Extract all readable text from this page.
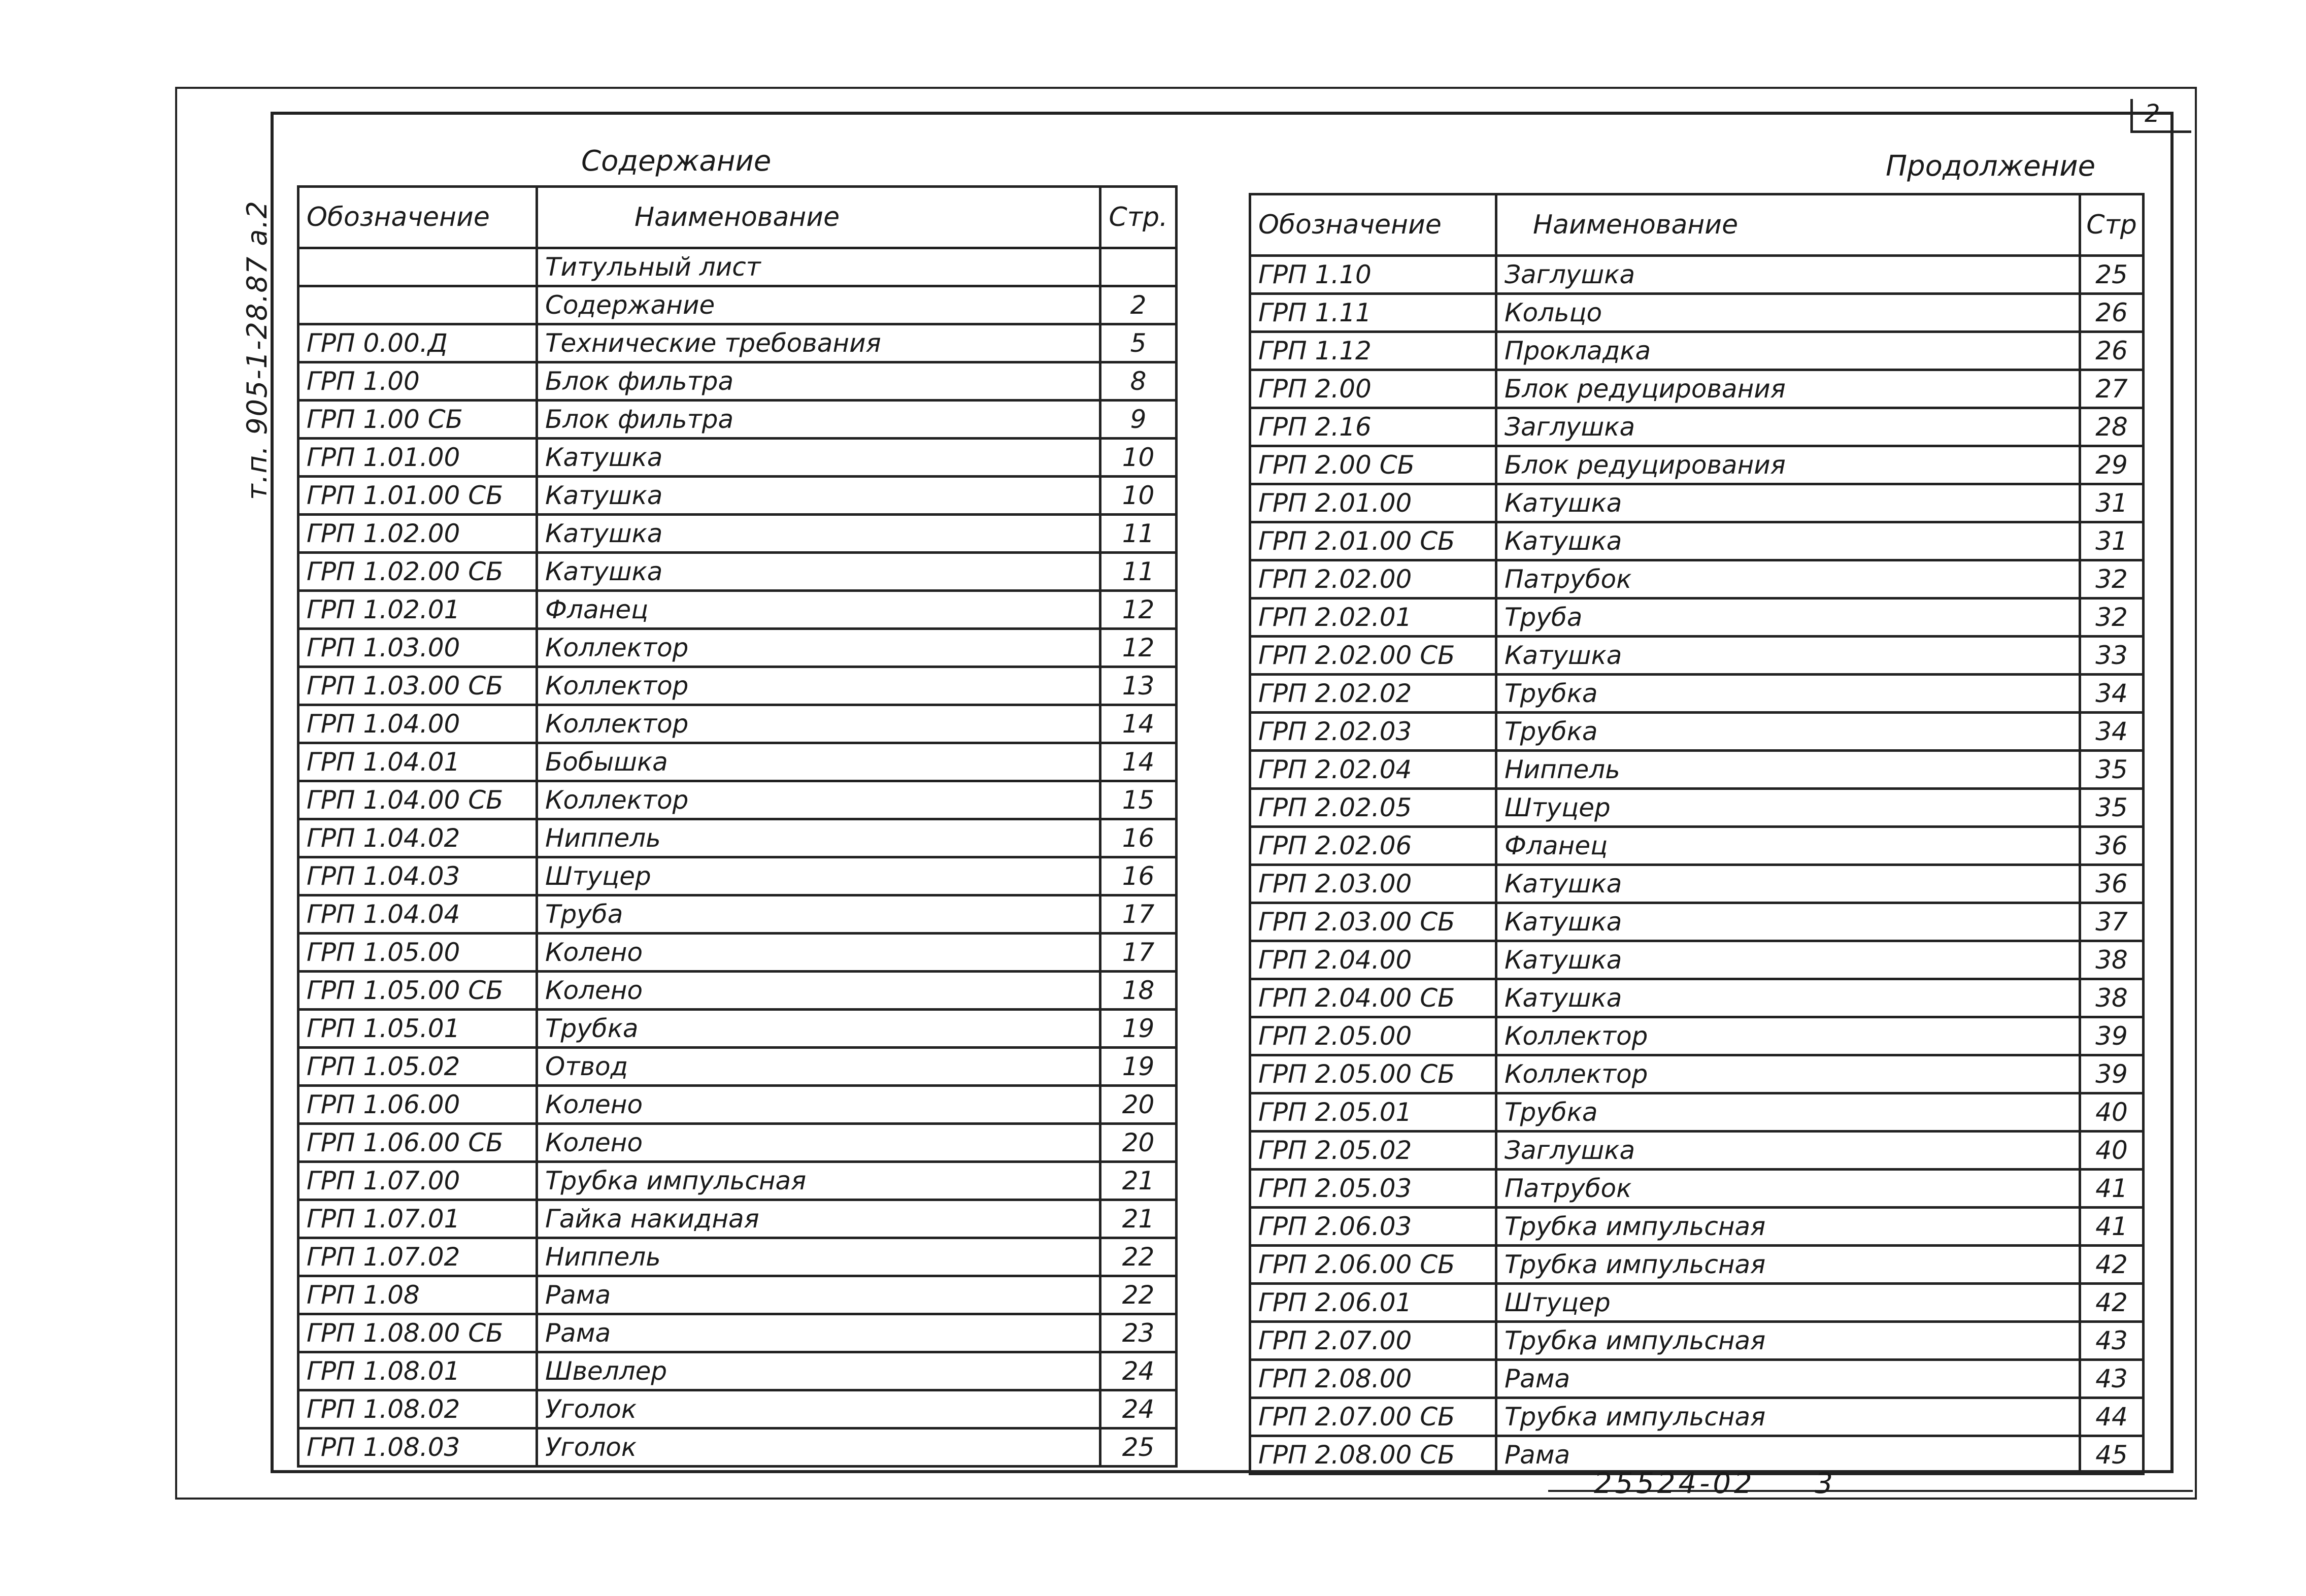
2
т.п. 905-1-28.87 а.2
Содержание	Продолжение
Обозначение	Наименование	Стр.
	Титульный лист	
	Содержание	2
ГРП 0.00.Д	Технические требования	5
ГРП 1.00	Блок фильтра	8
ГРП 1.00 СБ	Блок фильтра	9
ГРП 1.01.00	Катушка	10
ГРП 1.01.00 СБ	Катушка	10
ГРП 1.02.00	Катушка	11
ГРП 1.02.00 СБ	Катушка	11
ГРП 1.02.01	Фланец	12
ГРП 1.03.00	Коллектор	12
ГРП 1.03.00 СБ	Коллектор	13
ГРП 1.04.00	Коллектор	14
ГРП 1.04.01	Бобышка	14
ГРП 1.04.00 СБ	Коллектор	15
ГРП 1.04.02	Ниппель	16
ГРП 1.04.03	Штуцер	16
ГРП 1.04.04	Труба	17
ГРП 1.05.00	Колено	17
ГРП 1.05.00 СБ	Колено	18
ГРП 1.05.01	Трубка	19
ГРП 1.05.02	Отвод	19
ГРП 1.06.00	Колено	20
ГРП 1.06.00 СБ	Колено	20
ГРП 1.07.00	Трубка импульсная	21
ГРП 1.07.01	Гайка накидная	21
ГРП 1.07.02	Ниппель	22
ГРП 1.08	Рама	22
ГРП 1.08.00 СБ	Рама	23
ГРП 1.08.01	Швеллер	24
ГРП 1.08.02	Уголок	24
ГРП 1.08.03	Уголок	25
Обозначение	Наименование	Стр
ГРП 1.10	Заглушка	25
ГРП 1.11	Кольцо	26
ГРП 1.12	Прокладка	26
ГРП 2.00	Блок редуцирования	27
ГРП 2.16	Заглушка	28
ГРП 2.00 СБ	Блок редуцирования	29
ГРП 2.01.00	Катушка	31
ГРП 2.01.00 СБ	Катушка	31
ГРП 2.02.00	Патрубок	32
ГРП 2.02.01	Труба	32
ГРП 2.02.00 СБ	Катушка	33
ГРП 2.02.02	Трубка	34
ГРП 2.02.03	Трубка	34
ГРП 2.02.04	Ниппель	35
ГРП 2.02.05	Штуцер	35
ГРП 2.02.06	Фланец	36
ГРП 2.03.00	Катушка	36
ГРП 2.03.00 СБ	Катушка	37
ГРП 2.04.00	Катушка	38
ГРП 2.04.00 СБ	Катушка	38
ГРП 2.05.00	Коллектор	39
ГРП 2.05.00 СБ	Коллектор	39
ГРП 2.05.01	Трубка	40
ГРП 2.05.02	Заглушка	40
ГРП 2.05.03	Патрубок	41
ГРП 2.06.03	Трубка импульсная	41
ГРП 2.06.00 СБ	Трубка импульсная	42
ГРП 2.06.01	Штуцер	42
ГРП 2.07.00	Трубка импульсная	43
ГРП 2.08.00	Рама	43
ГРП 2.07.00 СБ	Трубка импульсная	44
ГРП 2.08.00 СБ	Рама	45
25524-02 3
